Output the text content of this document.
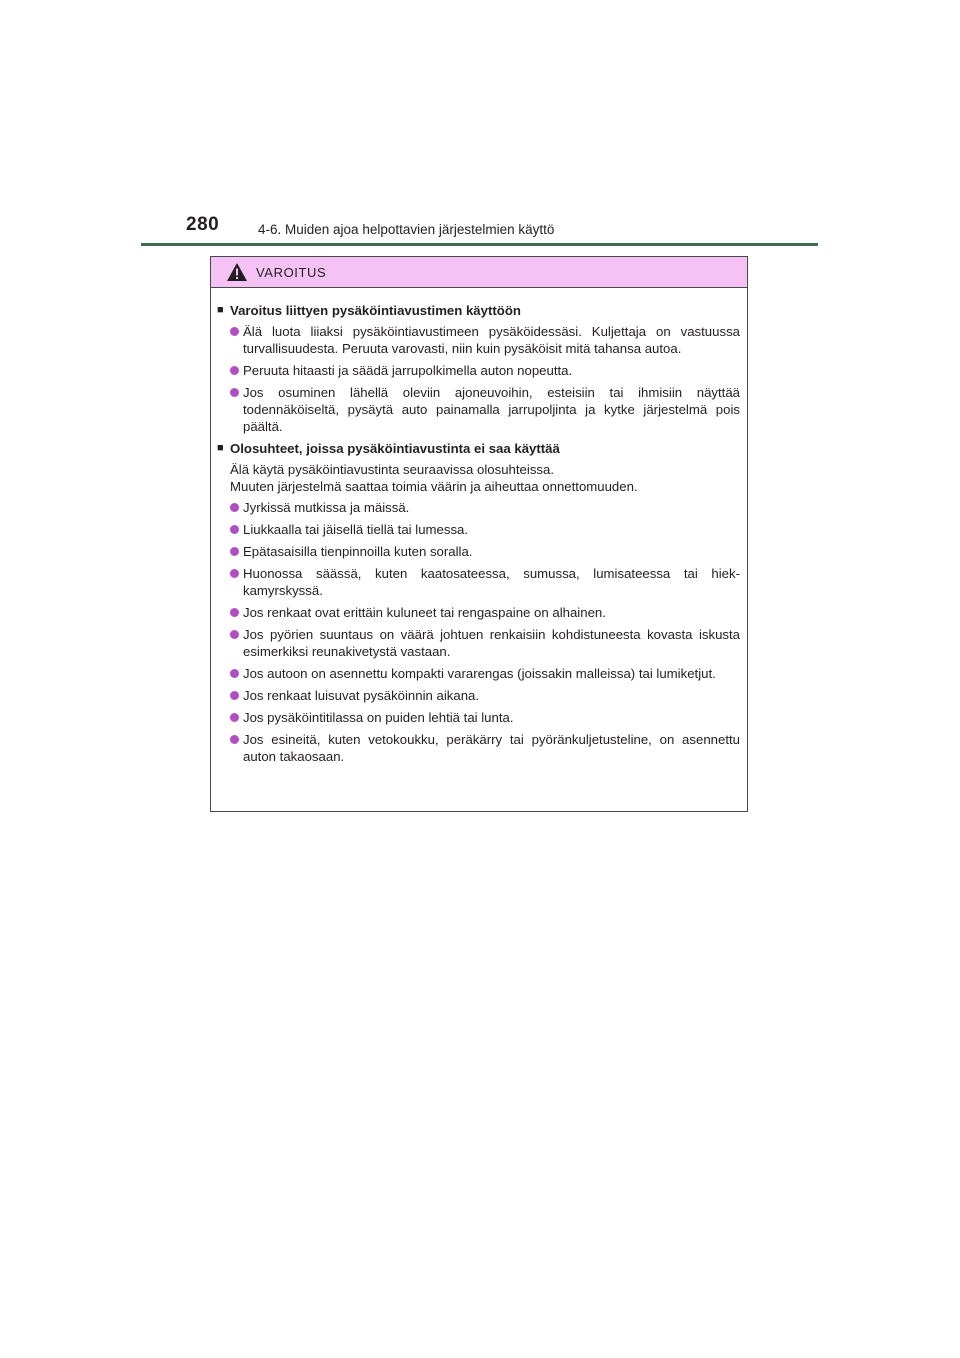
280	4-6. Muiden ajoa helpottavien järjestelmien käyttö
VAROITUS
■ Varoitus liittyen pysäköintiavustimen käyttöön
Älä luota liiaksi pysäköintiavustimeen pysäköidessäsi. Kuljettaja on vastuussa turvallisuudesta. Peruuta varovasti, niin kuin pysäköisit mitä tahansa autoa.
Peruuta hitaasti ja säädä jarrupolkimella auton nopeutta.
Jos osuminen lähellä oleviin ajoneuvoihin, esteisiin tai ihmisiin näyttää todennäköiseltä, pysäytä auto painamalla jarrupoljinta ja kytke järjestelmä pois päältä.
■ Olosuhteet, joissa pysäköintiavustinta ei saa käyttää
Älä käytä pysäköintiavustinta seuraavissa olosuhteissa.
Muuten järjestelmä saattaa toimia väärin ja aiheuttaa onnettomuuden.
Jyrkissä mutkissa ja mäissä.
Liukkaalla tai jäisellä tiellä tai lumessa.
Epätasaisilla tienpinnoilla kuten soralla.
Huonossa säässä, kuten kaatosateessa, sumussa, lumisateessa tai hiek-kamyrskyssä.
Jos renkaat ovat erittäin kuluneet tai rengaspaine on alhainen.
Jos pyörien suuntaus on väärä johtuen renkaisiin kohdistuneesta kovasta iskusta esimerkiksi reunakivetystä vastaan.
Jos autoon on asennettu kompakti vararengas (joissakin malleissa) tai lumiketjut.
Jos renkaat luisuvat pysäköinnin aikana.
Jos pysäköintitilassa on puiden lehtiä tai lunta.
Jos esineitä, kuten vetokoukku, peräkärry tai pyöränkuljetusteline, on asennettu auton takaosaan.
